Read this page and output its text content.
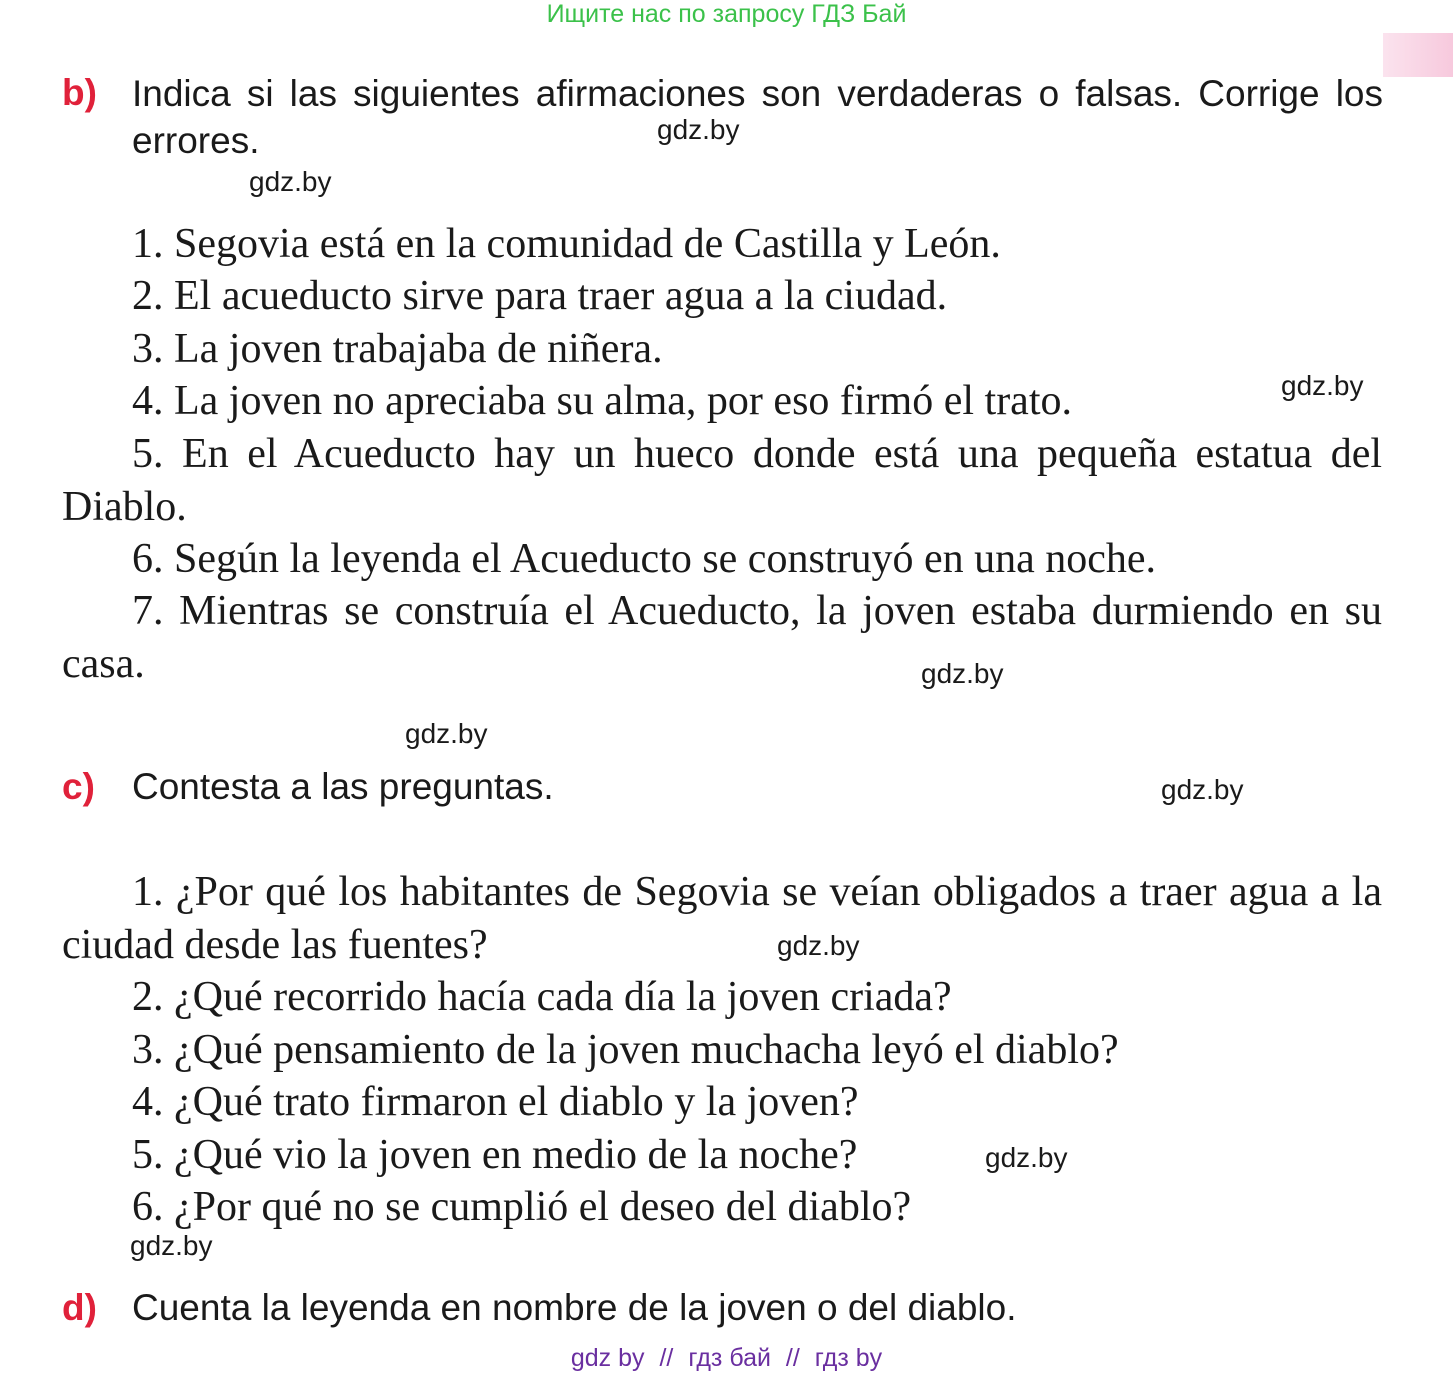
Ищите нас по запросу ГДЗ Бай
b) Indica si las siguientes afirmaciones son verdaderas o falsas. Corrige los errores.

1. Segovia está en la comunidad de Castilla y León.

2. El acueducto sirve para traer agua a la ciudad.

3. La joven trabajaba de niñera.

4. La joven no apreciaba su alma, por eso firmó el trato.

5. En el Acueducto hay un hueco donde está una pequeña estatua del Diablo.

6. Según la leyenda el Acueducto se construyó en una noche.

7. Mientras se construía el Acueducto, la joven estaba durmiendo en su casa.

c) Contesta a las preguntas.

1. ¿Por qué los habitantes de Segovia se veían obligados a traer agua a la ciudad desde las fuentes?

2. ¿Qué recorrido hacía cada día la joven criada?

3. ¿Qué pensamiento de la joven muchacha leyó el diablo?

4. ¿Qué trato firmaron el diablo y la joven?

5. ¿Qué vio la joven en medio de la noche?

6. ¿Por qué no se cumplió el deseo del diablo?

d) Cuenta la leyenda en nombre de la joven o del diablo.
gdz.by
gdz.by
gdz.by
gdz.by
gdz.by
gdz.by
gdz.by
gdz.by
gdz.by
gdz by // гдз бай // гдз by
